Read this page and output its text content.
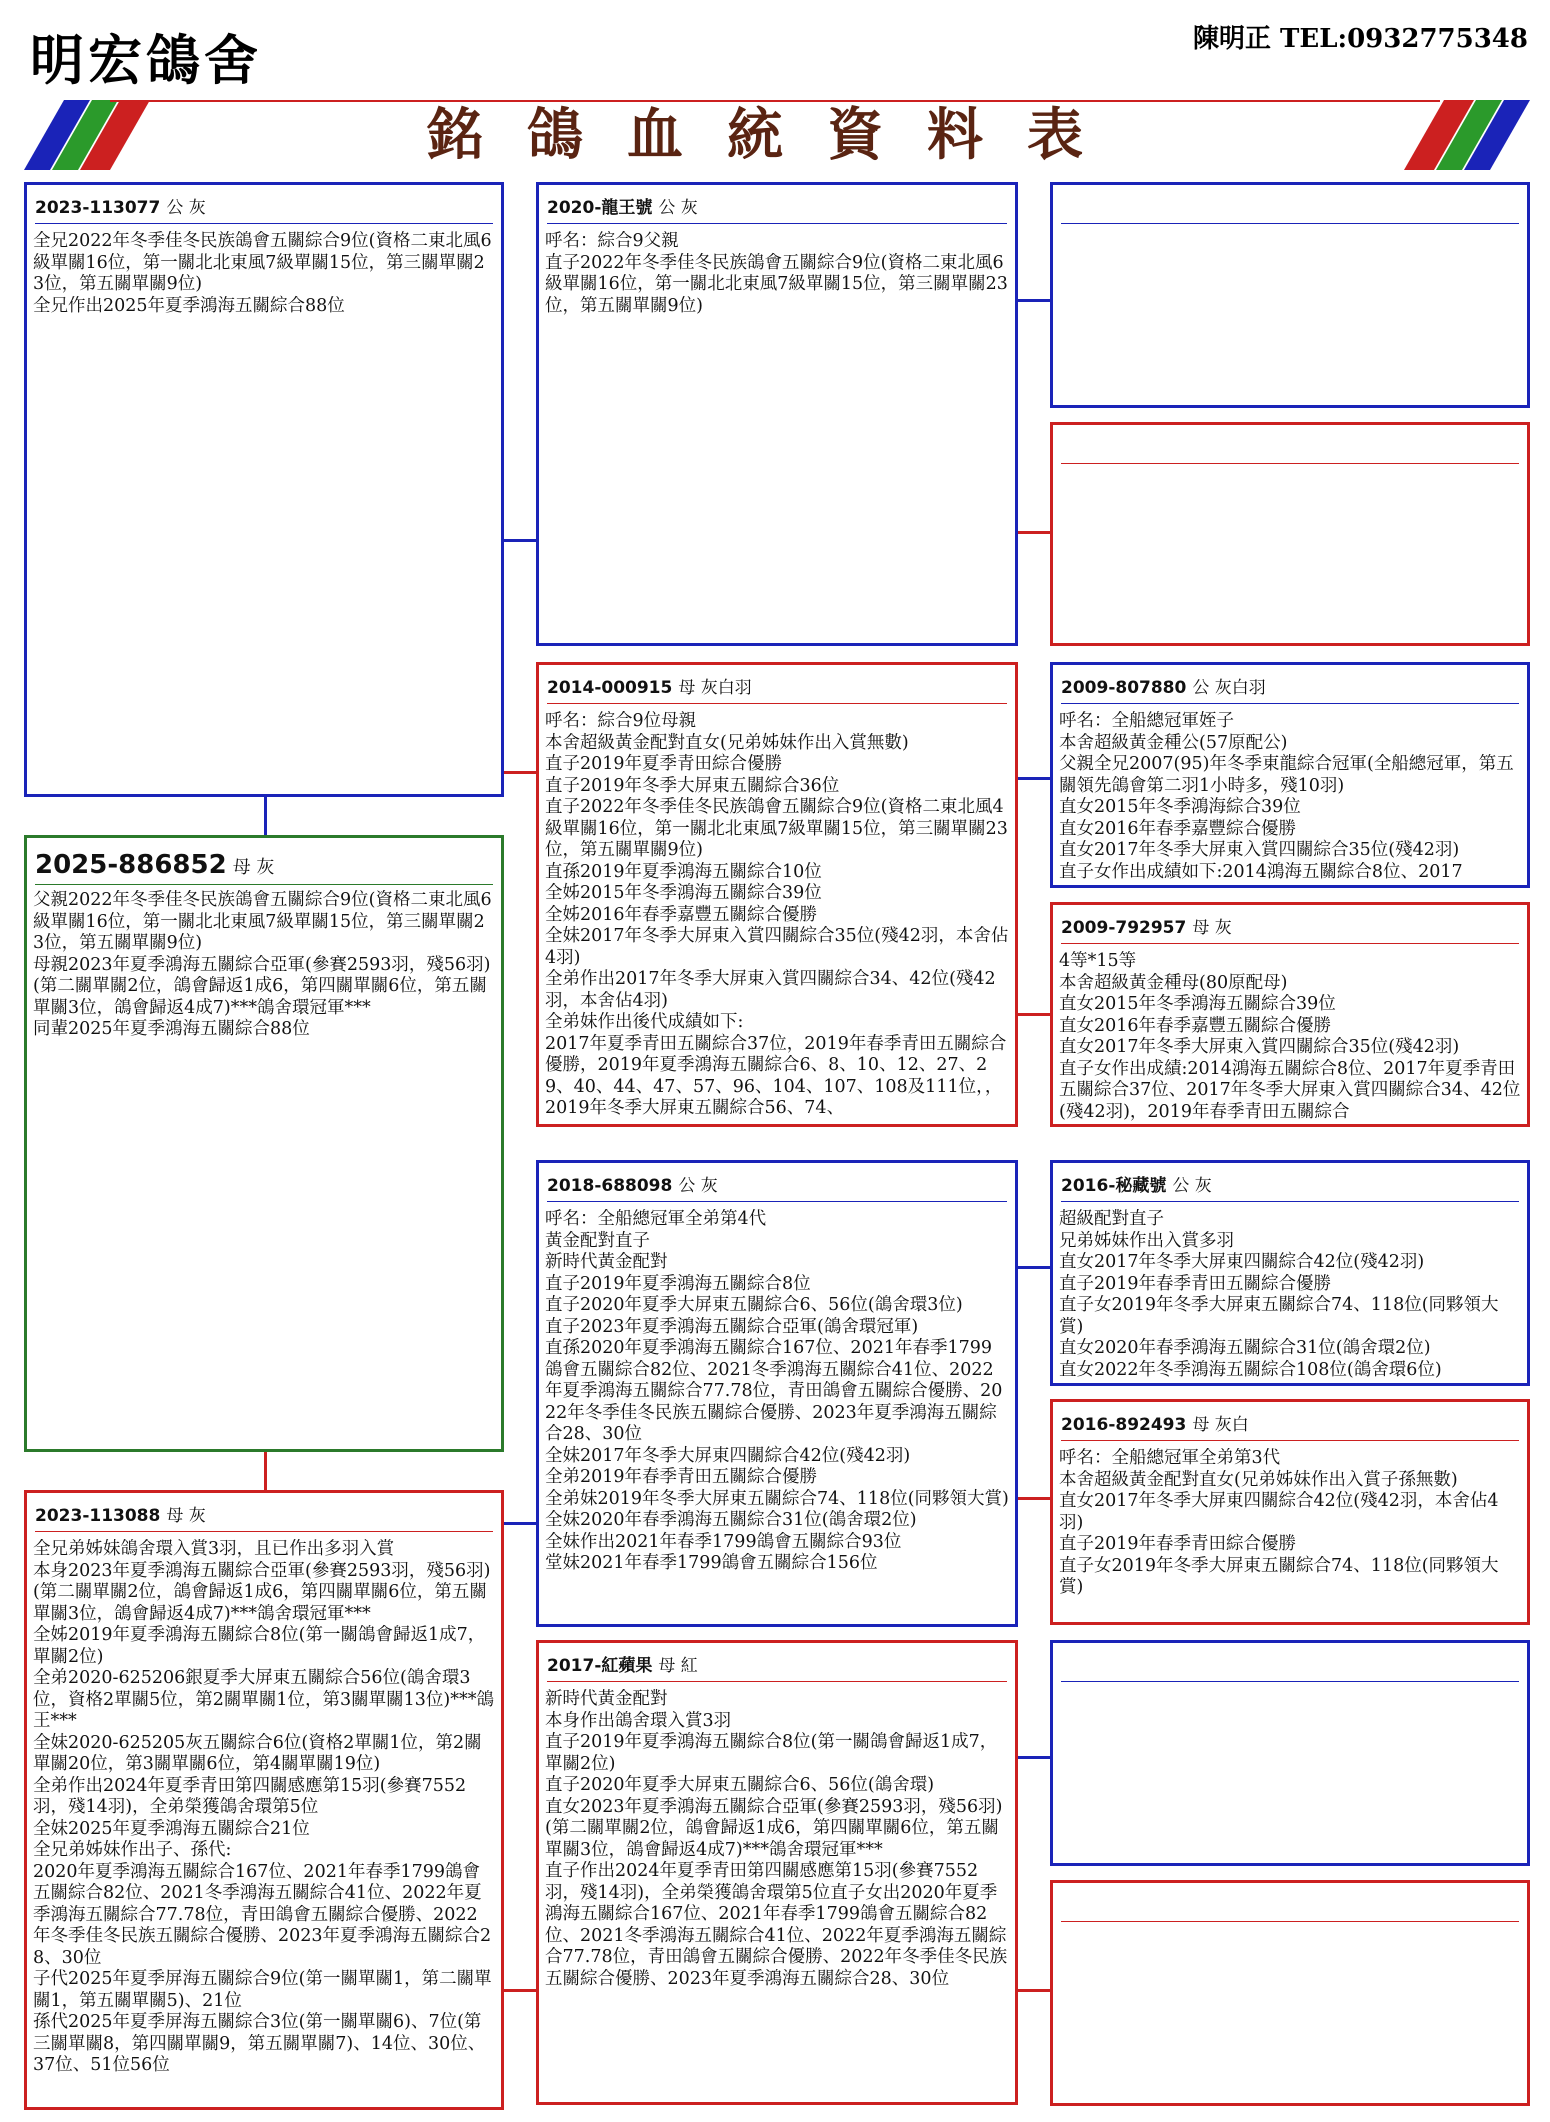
明宏鴿舍	陳明正 TEL:0932775348
銘鴿血統資料表
2023-113077 公 灰
全兄2022年冬季佳冬民族鴿會五關綜合9位(資格二東北風6級單關16位，第一關北北東風7級單關15位，第三關單關23位，第五關單關9位)
全兄作出2025年夏季鴻海五關綜合88位
2025-886852 母 灰
父親2022年冬季佳冬民族鴿會五關綜合9位(資格二東北風6級單關16位，第一關北北東風7級單關15位，第三關單關23位，第五關單關9位)
母親2023年夏季鴻海五關綜合亞軍(參賽2593羽，殘56羽)(第二關單關2位，鴿會歸返1成6，第四關單關6位，第五關單關3位，鴿會歸返4成7)***鴿舍環冠軍***
同輩2025年夏季鴻海五關綜合88位
2023-113088 母 灰
全兄弟姊妹鴿舍環入賞3羽，且已作出多羽入賞
本身2023年夏季鴻海五關綜合亞軍(參賽2593羽，殘56羽)(第二關單關2位，鴿會歸返1成6，第四關單關6位，第五關單關3位，鴿會歸返4成7)***鴿舍環冠軍***
全姊2019年夏季鴻海五關綜合8位(第一關鴿會歸返1成7，單關2位)
全弟2020-625206銀夏季大屏東五關綜合56位(鴿舍環3位，資格2單關5位，第2關單關1位，第3關單關13位)***鴿王***
全妹2020-625205灰五關綜合6位(資格2單關1位，第2關單關20位，第3關單關6位，第4關單關19位)
全弟作出2024年夏季青田第四關感應第15羽(參賽7552羽，殘14羽)，全弟榮獲鴿舍環第5位
全妹2025年夏季鴻海五關綜合21位
全兄弟姊妹作出子、孫代:
2020年夏季鴻海五關綜合167位、2021年春季1799鴿會五關綜合82位、2021冬季鴻海五關綜合41位、2022年夏季鴻海五關綜合77.78位，青田鴿會五關綜合優勝、2022年冬季佳冬民族五關綜合優勝、2023年夏季鴻海五關綜合28、30位
子代2025年夏季屏海五關綜合9位(第一關單關1，第二關單關1，第五關單關5)、21位
孫代2025年夏季屏海五關綜合3位(第一關單關6)、7位(第三關單關8，第四關單關9，第五關單關7)、14位、30位、37位、51位56位
2020-龍王號 公 灰
呼名：綜合9父親
直子2022年冬季佳冬民族鴿會五關綜合9位(資格二東北風6級單關16位，第一關北北東風7級單關15位，第三關單關23位，第五關單關9位)
2014-000915 母 灰白羽
呼名：綜合9位母親
本舍超級黃金配對直女(兄弟姊妹作出入賞無數)
直子2019年夏季青田綜合優勝
直子2019年冬季大屏東五關綜合36位
直子2022年冬季佳冬民族鴿會五關綜合9位(資格二東北風4級單關16位，第一關北北東風7級單關15位，第三關單關23位，第五關單關9位)
直孫2019年夏季鴻海五關綜合10位
全姊2015年冬季鴻海五關綜合39位
全姊2016年春季嘉豐五關綜合優勝
全妹2017年冬季大屏東入賞四關綜合35位(殘42羽，本舍佔4羽)
全弟作出2017年冬季大屏東入賞四關綜合34、42位(殘42羽，本舍佔4羽)
全弟妹作出後代成績如下:
2017年夏季青田五關綜合37位，2019年春季青田五關綜合優勝，2019年夏季鴻海五關綜合6、8、10、12、27、29、40、44、47、57、96、104、107、108及111位，，2019年冬季大屏東五關綜合56、74、
2018-688098 公 灰
呼名：全船總冠軍全弟第4代
黃金配對直子
新時代黃金配對
直子2019年夏季鴻海五關綜合8位
直子2020年夏季大屏東五關綜合6、56位(鴿舍環3位)
直子2023年夏季鴻海五關綜合亞軍(鴿舍環冠軍)
直孫2020年夏季鴻海五關綜合167位、2021年春季1799鴿會五關綜合82位、2021冬季鴻海五關綜合41位、2022年夏季鴻海五關綜合77.78位，青田鴿會五關綜合優勝、2022年冬季佳冬民族五關綜合優勝、2023年夏季鴻海五關綜合28、30位
全妹2017年冬季大屏東四關綜合42位(殘42羽)
全弟2019年春季青田五關綜合優勝
全弟妹2019年冬季大屏東五關綜合74、118位(同夥領大賞)
全妹2020年春季鴻海五關綜合31位(鴿舍環2位)
全妹作出2021年春季1799鴿會五關綜合93位
堂妹2021年春季1799鴿會五關綜合156位
2017-紅蘋果 母 紅
新時代黃金配對
本身作出鴿舍環入賞3羽
直子2019年夏季鴻海五關綜合8位(第一關鴿會歸返1成7，單關2位)
直子2020年夏季大屏東五關綜合6、56位(鴿舍環)
直女2023年夏季鴻海五關綜合亞軍(參賽2593羽，殘56羽)(第二關單關2位，鴿會歸返1成6，第四關單關6位，第五關單關3位，鴿會歸返4成7)***鴿舍環冠軍***
直子作出2024年夏季青田第四關感應第15羽(參賽7552羽，殘14羽)，全弟榮獲鴿舍環第5位直子女出2020年夏季鴻海五關綜合167位、2021年春季1799鴿會五關綜合82位、2021冬季鴻海五關綜合41位、2022年夏季鴻海五關綜合77.78位，青田鴿會五關綜合優勝、2022年冬季佳冬民族五關綜合優勝、2023年夏季鴻海五關綜合28、30位
2009-807880 公 灰白羽
呼名：全船總冠軍姪子
本舍超級黃金種公(57原配公)
父親全兄2007(95)年冬季東龍綜合冠軍(全船總冠軍，第五關領先鴿會第二羽1小時多，殘10羽)
直女2015年冬季鴻海綜合39位
直女2016年春季嘉豐綜合優勝
直女2017年冬季大屏東入賞四關綜合35位(殘42羽)
直子女作出成績如下:2014鴻海五關綜合8位、2017
2009-792957 母 灰
4等*15等
本舍超級黃金種母(80原配母)
直女2015年冬季鴻海五關綜合39位
直女2016年春季嘉豐五關綜合優勝
直女2017年冬季大屏東入賞四關綜合35位(殘42羽)
直子女作出成績:2014鴻海五關綜合8位、2017年夏季青田五關綜合37位、2017年冬季大屏東入賞四關綜合34、42位(殘42羽)，2019年春季青田五關綜合
2016-秘藏號 公 灰
超級配對直子
兄弟姊妹作出入賞多羽
直女2017年冬季大屏東四關綜合42位(殘42羽)
直子2019年春季青田五關綜合優勝
直子女2019年冬季大屏東五關綜合74、118位(同夥領大賞)
直女2020年春季鴻海五關綜合31位(鴿舍環2位)
直女2022年冬季鴻海五關綜合108位(鴿舍環6位)
2016-892493 母 灰白
呼名：全船總冠軍全弟第3代
本舍超級黃金配對直女(兄弟姊妹作出入賞子孫無數)
直女2017年冬季大屏東四關綜合42位(殘42羽，本舍佔4羽)
直子2019年春季青田綜合優勝
直子女2019年冬季大屏東五關綜合74、118位(同夥領大賞)
